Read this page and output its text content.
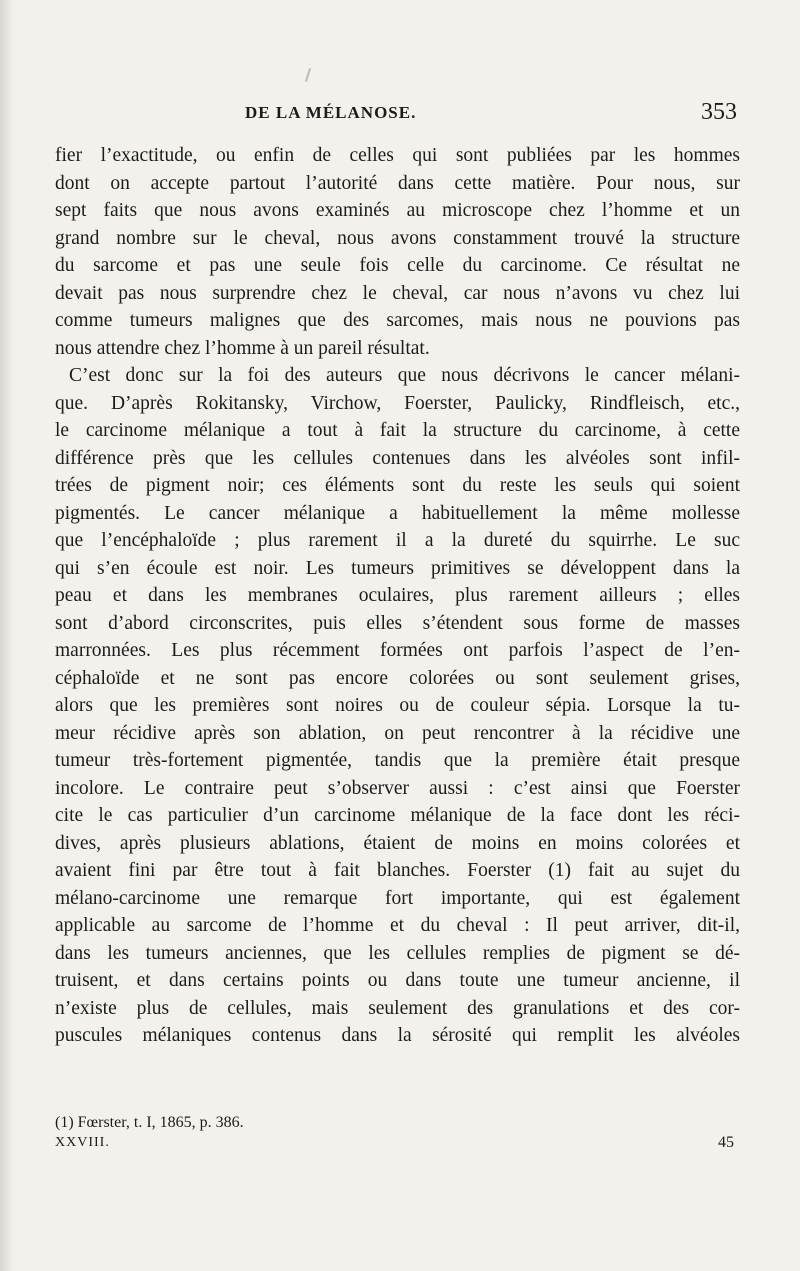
DE LA MÉLANOSE.	353
fier l’exactitude, ou enfin de celles qui sont publiées par les hommes
dont on accepte partout l’autorité dans cette matière. Pour nous, sur
sept faits que nous avons examinés au microscope chez l’homme et un
grand nombre sur le cheval, nous avons constamment trouvé la structure
du sarcome et pas une seule fois celle du carcinome. Ce résultat ne
devait pas nous surprendre chez le cheval, car nous n’avons vu chez lui
comme tumeurs malignes que des sarcomes, mais nous ne pouvions pas
nous attendre chez l’homme à un pareil résultat.
C’est donc sur la foi des auteurs que nous décrivons le cancer mélani-
que. D’après Rokitansky, Virchow, Foerster, Paulicky, Rindfleisch, etc.,
le carcinome mélanique a tout à fait la structure du carcinome, à cette
différence près que les cellules contenues dans les alvéoles sont infil-
trées de pigment noir; ces éléments sont du reste les seuls qui soient
pigmentés. Le cancer mélanique a habituellement la même mollesse
que l’encéphaloïde ; plus rarement il a la dureté du squirrhe. Le suc
qui s’en écoule est noir. Les tumeurs primitives se développent dans la
peau et dans les membranes oculaires, plus rarement ailleurs ; elles
sont d’abord circonscrites, puis elles s’étendent sous forme de masses
marronnées. Les plus récemment formées ont parfois l’aspect de l’en-
céphaloïde et ne sont pas encore colorées ou sont seulement grises,
alors que les premières sont noires ou de couleur sépia. Lorsque la tu-
meur récidive après son ablation, on peut rencontrer à la récidive une
tumeur très-fortement pigmentée, tandis que la première était presque
incolore. Le contraire peut s’observer aussi : c’est ainsi que Foerster
cite le cas particulier d’un carcinome mélanique de la face dont les réci-
dives, après plusieurs ablations, étaient de moins en moins colorées et
avaient fini par être tout à fait blanches. Foerster (1) fait au sujet du
mélano-carcinome une remarque fort importante, qui est également
applicable au sarcome de l’homme et du cheval : Il peut arriver, dit-il,
dans les tumeurs anciennes, que les cellules remplies de pigment se dé-
truisent, et dans certains points ou dans toute une tumeur ancienne, il
n’existe plus de cellules, mais seulement des granulations et des cor-
puscules mélaniques contenus dans la sérosité qui remplit les alvéoles
(1) Fœrster, t. I, 1865, p. 386.
XXVIII.	45
